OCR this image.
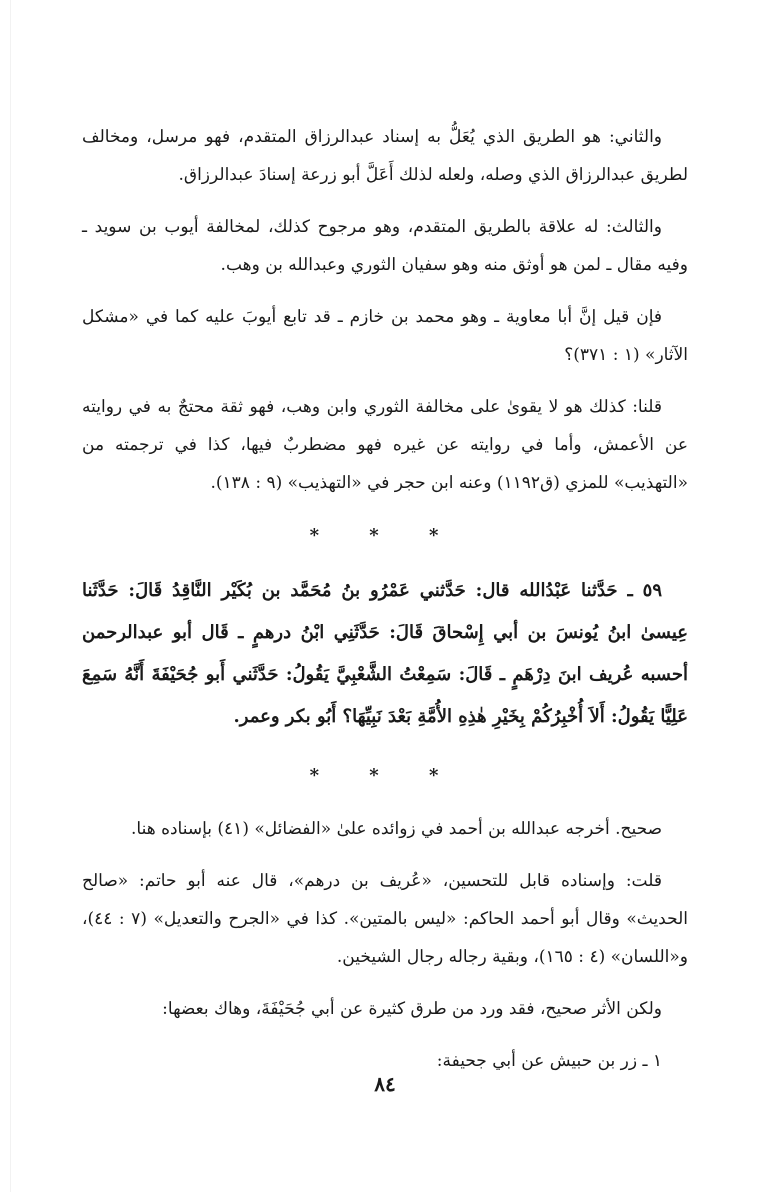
والثاني: هو الطريق الذي يُعَلُّ به إسناد عبدالرزاق المتقدم، فهو مرسل، ومخالف لطريق عبدالرزاق الذي وصله، ولعله لذلك أَعَلَّ أبو زرعة إسنادَ عبدالرزاق.

والثالث: له علاقة بالطريق المتقدم، وهو مرجوح كذلك، لمخالفة أيوب بن سويد ـ وفيه مقال ـ لمن هو أوثق منه وهو سفيان الثوري وعبدالله بن وهب.

فإن قيل إنَّ أبا معاوية ـ وهو محمد بن خازم ـ قد تابع أيوبَ عليه كما في «مشكل الآثار» (١ : ٣٧١)؟

قلنا: كذلك هو لا يقوىٰ على مخالفة الثوري وابن وهب، فهو ثقة محتجٌ به في روايته عن الأعمش، وأما في روايته عن غيره فهو مضطربٌ فيها، كذا في ترجمته من «التهذيب» للمزي (ق١١٩٢) وعنه ابن حجر في «التهذيب» (٩ : ١٣٨).

* * *

٥٩ ـ حَدَّثنا عَبْدُالله قال: حَدَّثني عَمْرُو بنُ مُحَمَّد بن بُكَيْر النَّاقِدُ قَالَ: حَدَّثَنا عِيسىٰ ابنُ يُونسَ بن أبي إِسْحاقَ قَالَ: حَدَّثَنِي ابْنُ درهمٍ ـ قَال أبو عبدالرحمن أحسبه عُريف ابنَ دِرْهَمٍ ـ قَالَ: سَمِعْتُ الشَّعْبِيَّ يَقُولُ: حَدَّثَني أَبو جُحَيْفَةَ أَنَّهُ سَمِعَ عَلِيًّا يَقُولُ: أَلاَ أُخْبِرُكُمْ بِخَيْرِ هٰذِهِ الأُمَّةِ بَعْدَ نَبِيِّهَا؟ أَبُو بكر وعمر.

* * *

صحيح. أخرجه عبدالله بن أحمد في زوائده علىٰ «الفضائل» (٤١) بإسناده هنا.

قلت: وإسناده قابل للتحسين، «عُريف بن درهم»، قال عنه أبو حاتم: «صالح الحديث» وقال أبو أحمد الحاكم: «ليس بالمتين». كذا في «الجرح والتعديل» (٧ : ٤٤)، و«اللسان» (٤ : ١٦٥)، وبقية رجاله رجال الشيخين.

ولكن الأثر صحيح، فقد ورد من طرق كثيرة عن أبي جُحَيْفَةَ، وهاك بعضها:

١ ـ زر بن حبيش عن أبي جحيفة:

٨٤
